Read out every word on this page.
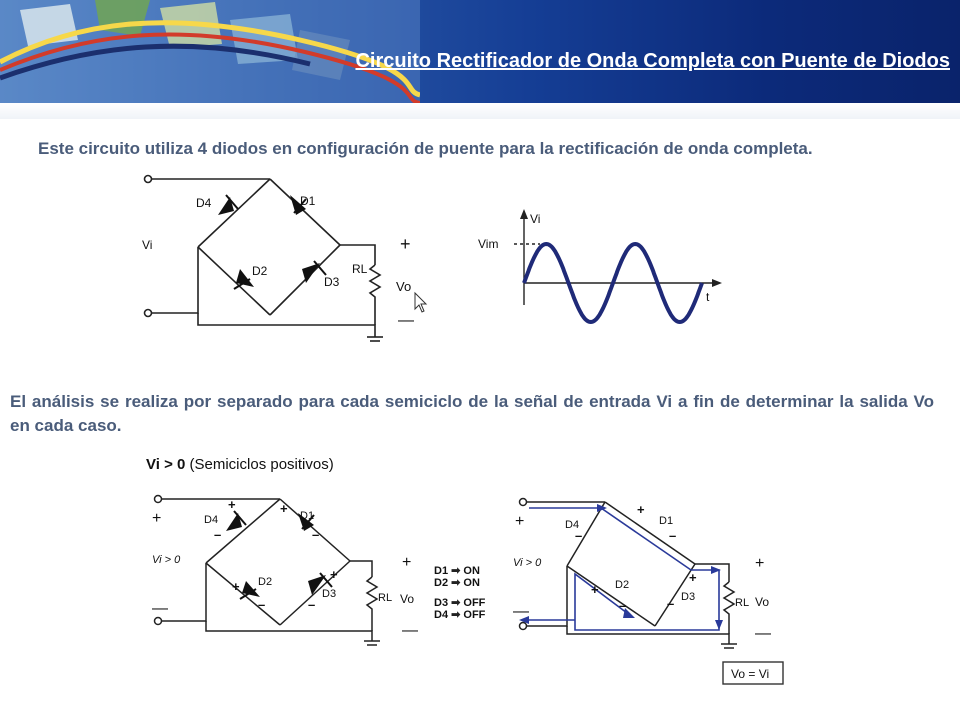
Circuito Rectificador de Onda Completa con Puente de Diodos

Este circuito utiliza 4 diodos en configuración de puente para la rectificación de onda completa.

D4	D1
D2
D3
Vi
RL
+
Vo
—
Vi
Vim
t

El análisis se realiza por separado para cada semiciclo de la señal de entrada Vi a fin de determinar la salida Vo en cada caso.

Vi > 0 (Semiciclos positivos)
+
Vi > 0
—
D4	D1
D2
D3	RL
+
Vo
—
+	+
–	–
+
+
–	–
D1 ➡ ON
D2 ➡ ON
D3 ➡ OFF
D4 ➡ OFF
+
–
–
+
–
+
–
+
Vi > 0
—
D4	D1
D2
D3	RL
+
Vo
—
Vo = Vi
